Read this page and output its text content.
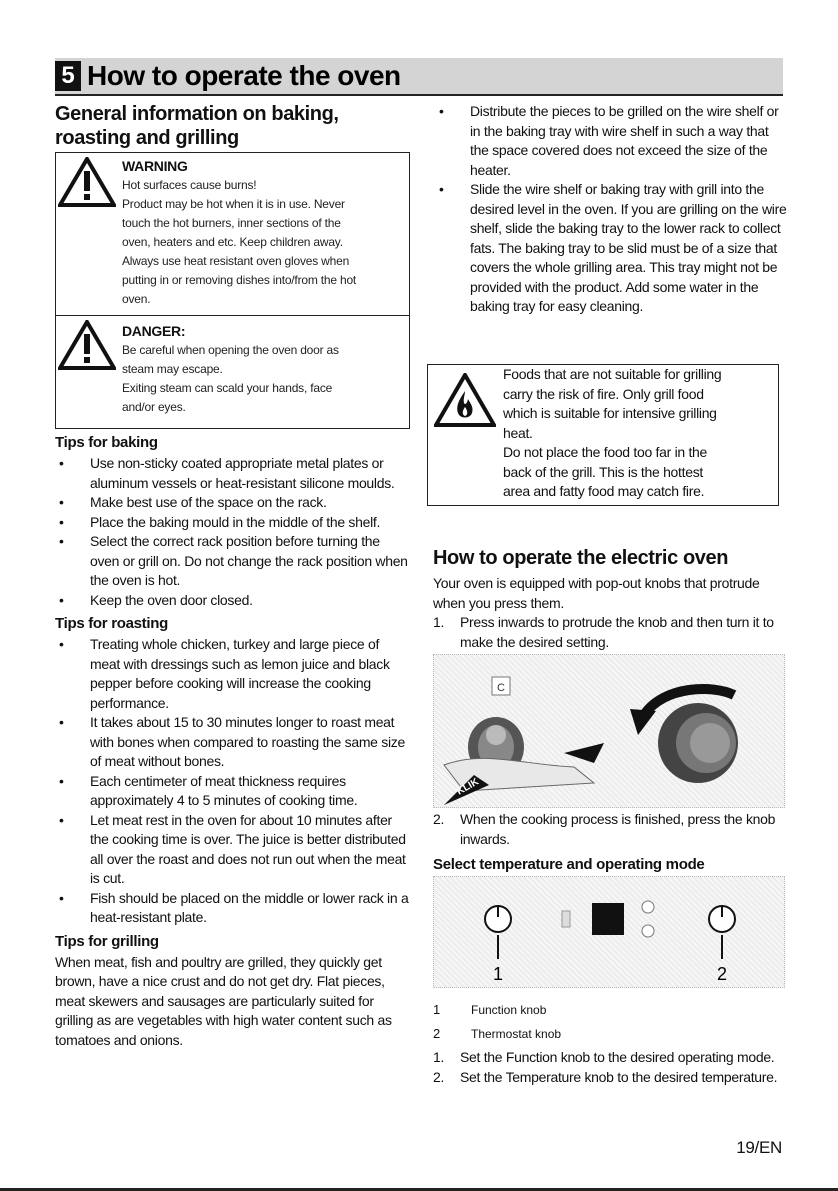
5 How to operate the oven
General information on baking, roasting and grilling
WARNING
Hot surfaces cause burns!
Product may be hot when it is in use. Never
touch the hot burners, inner sections of the
oven, heaters and etc. Keep children away.
Always use heat resistant oven gloves when
putting in or removing dishes into/from the hot
oven.
DANGER:
Be careful when opening the oven door as
steam may escape.
Exiting steam can scald your hands, face
and/or eyes.
Tips for baking
• Use non-sticky coated appropriate metal plates or aluminum vessels or heat-resistant silicone moulds.
• Make best use of the space on the rack.
• Place the baking mould in the middle of the shelf.
• Select the correct rack position before turning the oven or grill on. Do not change the rack position when the oven is hot.
• Keep the oven door closed.
Tips for roasting
• Treating whole chicken, turkey and large piece of meat with dressings such as lemon juice and black pepper before cooking will increase the cooking performance.
• It takes about 15 to 30 minutes longer to roast meat with bones when compared to roasting the same size of meat without bones.
• Each centimeter of meat thickness requires approximately 4 to 5 minutes of cooking time.
• Let meat rest in the oven for about 10 minutes after the cooking time is over. The juice is better distributed all over the roast and does not run out when the meat is cut.
• Fish should be placed on the middle or lower rack in a heat-resistant plate.
Tips for grilling

When meat, fish and poultry are grilled, they quickly get brown, have a nice crust and do not get dry. Flat pieces, meat skewers and sausages are particularly suited for grilling as are vegetables with high water content such as tomatoes and onions.

• Distribute the pieces to be grilled on the wire shelf or in the baking tray with wire shelf in such a way that the space covered does not exceed the size of the heater.
• Slide the wire shelf or baking tray with grill into the desired level in the oven. If you are grilling on the wire shelf, slide the baking tray to the lower rack to collect fats. The baking tray to be slid must be of a size that covers the whole grilling area. This tray might not be provided with the product. Add some water in the baking tray for easy cleaning.
Foods that are not suitable for grilling
carry the risk of fire. Only grill food
which is suitable for intensive grilling
heat.
Do not place the food too far in the
back of the grill. This is the hottest
area and fatty food may catch fire.
How to operate the electric oven

Your oven is equipped with pop-out knobs that protrude when you press them.

1. Press inwards to protrude the knob and then turn it to make the desired setting.
C
KLIK
2. When the cooking process is finished, press the knob inwards.
Select temperature and operating mode
1	2
1	Function knob
2	Thermostat knob
1. Set the Function knob to the desired operating mode.
2. Set the Temperature knob to the desired temperature.
19/EN
